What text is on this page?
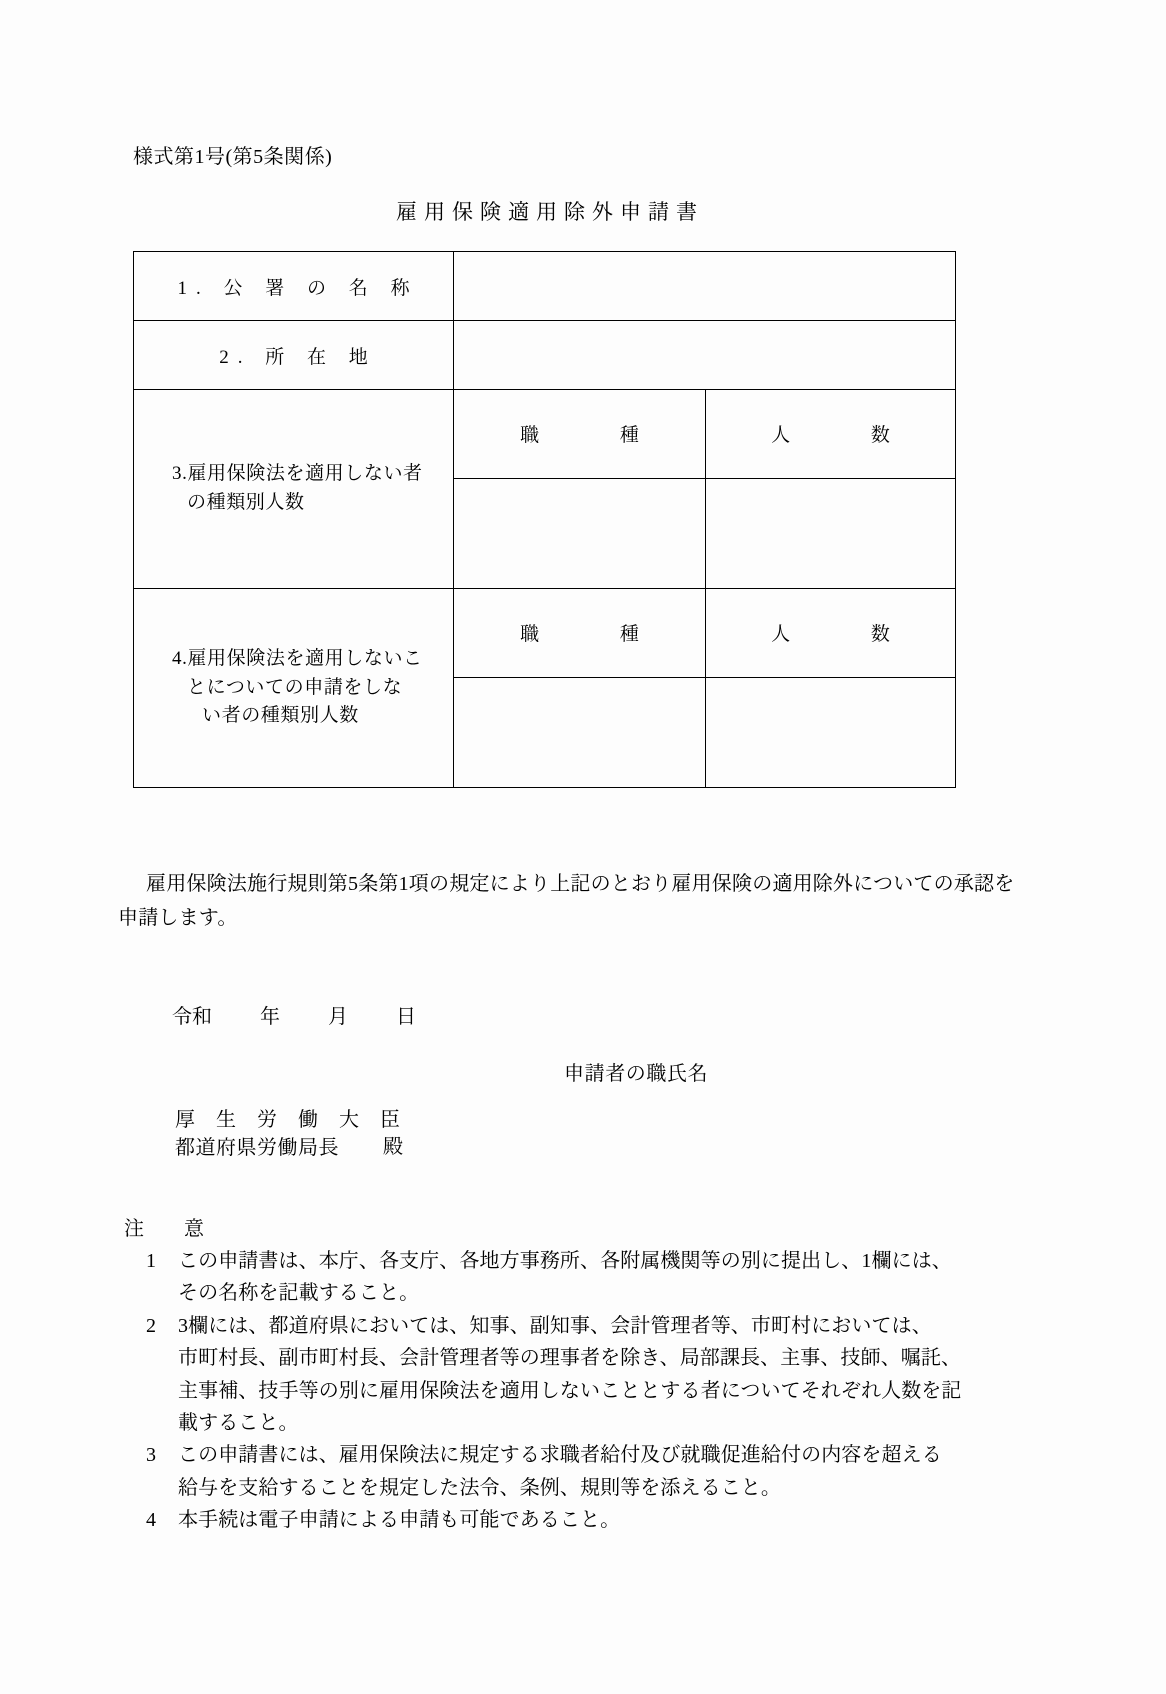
様式第1号(第5条関係)
雇用保険適用除外申請書
1. 公 署 の 名 称		

2. 所 在 地		

3.雇用保険法を適用しない者
の種類別人数	職 種	人 数

4.雇用保険法を適用しないこ
とについての申請をしな
い者の種類別人数	職 種	人 数

雇用保険法施行規則第5条第1項の規定により上記のとおり雇用保険の適用除外についての承認を申請します。
令和 年 月 日
申請者の職氏名
厚 生 労 働 大 臣
都道府県労働局長	殿
注　意
1 この申請書は、本庁、各支庁、各地方事務所、各附属機関等の別に提出し、1欄には、
その名称を記載すること。
2 3欄には、都道府県においては、知事、副知事、会計管理者等、市町村においては、
市町村長、副市町村長、会計管理者等の理事者を除き、局部課長、主事、技師、嘱託、
主事補、技手等の別に雇用保険法を適用しないこととする者についてそれぞれ人数を記
載すること。
3 この申請書には、雇用保険法に規定する求職者給付及び就職促進給付の内容を超える
給与を支給することを規定した法令、条例、規則等を添えること。
4 本手続は電子申請による申請も可能であること。
